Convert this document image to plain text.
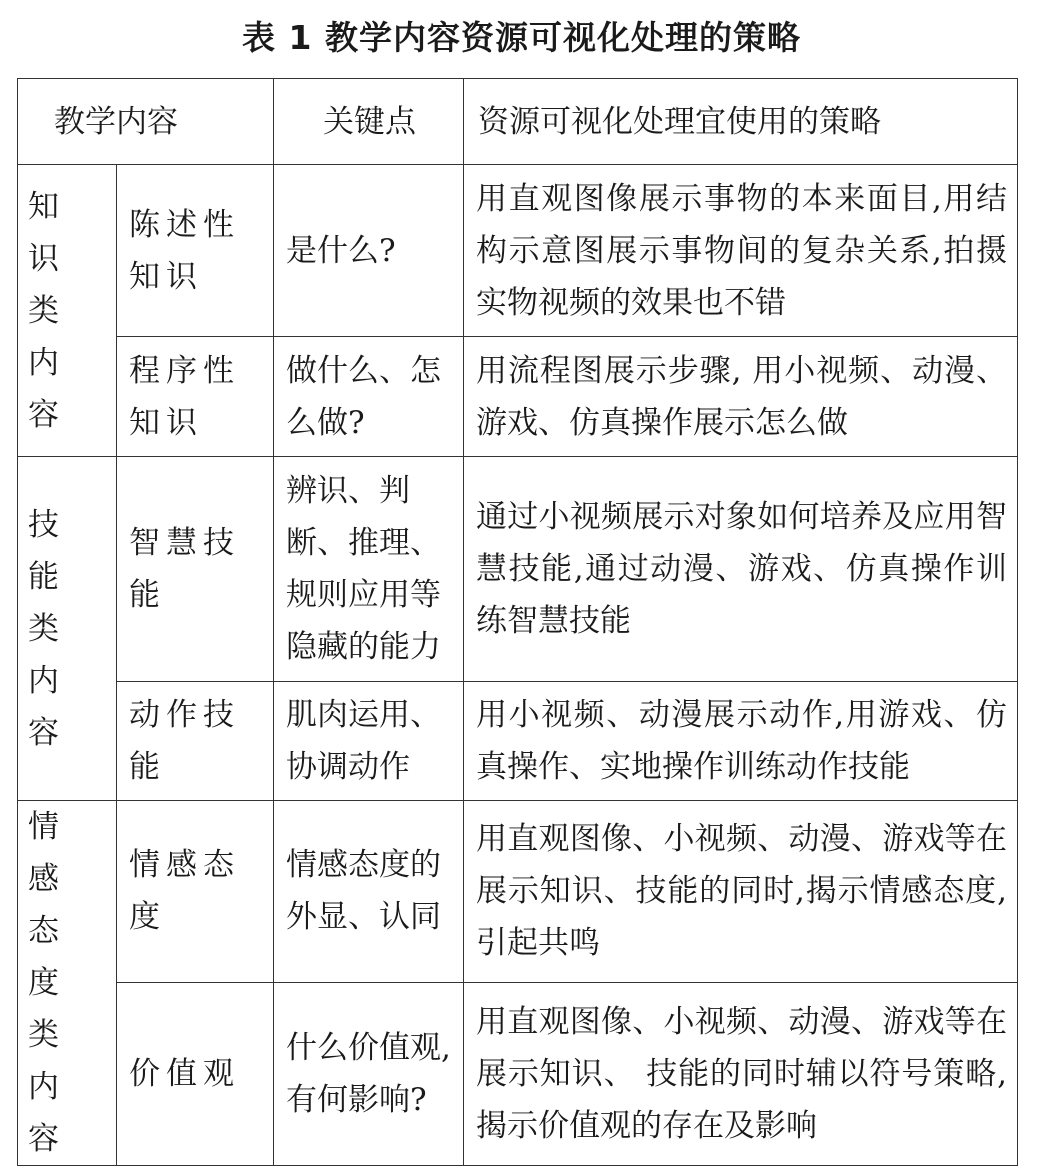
表 1 教学内容资源可视化处理的策略
教学内容		关键点	资源可视化处理宜使用的策略
知识类内容	陈述性知识	是什么?	用直观图像展示事物的本来面目,用结构示意图展示事物间的复杂关系,拍摄实物视频的效果也不错
	程序性知识	做什么、怎么做?	用流程图展示步骤, 用小视频、动漫、游戏、仿真操作展示怎么做
技能类内容	智慧技能	辨识、判断、推理、规则应用等隐藏的能力	通过小视频展示对象如何培养及应用智慧技能,通过动漫、游戏、仿真操作训练智慧技能
	动作技能	肌肉运用、协调动作	用小视频、动漫展示动作,用游戏、仿真操作、实地操作训练动作技能
情感态度类内容	情感态度	情感态度的外显、认同	用直观图像、小视频、动漫、游戏等在展示知识、技能的同时,揭示情感态度,引起共鸣
	价值观	什么价值观,有何影响?	用直观图像、小视频、动漫、游戏等在展示知识、 技能的同时辅以符号策略,揭示价值观的存在及影响
